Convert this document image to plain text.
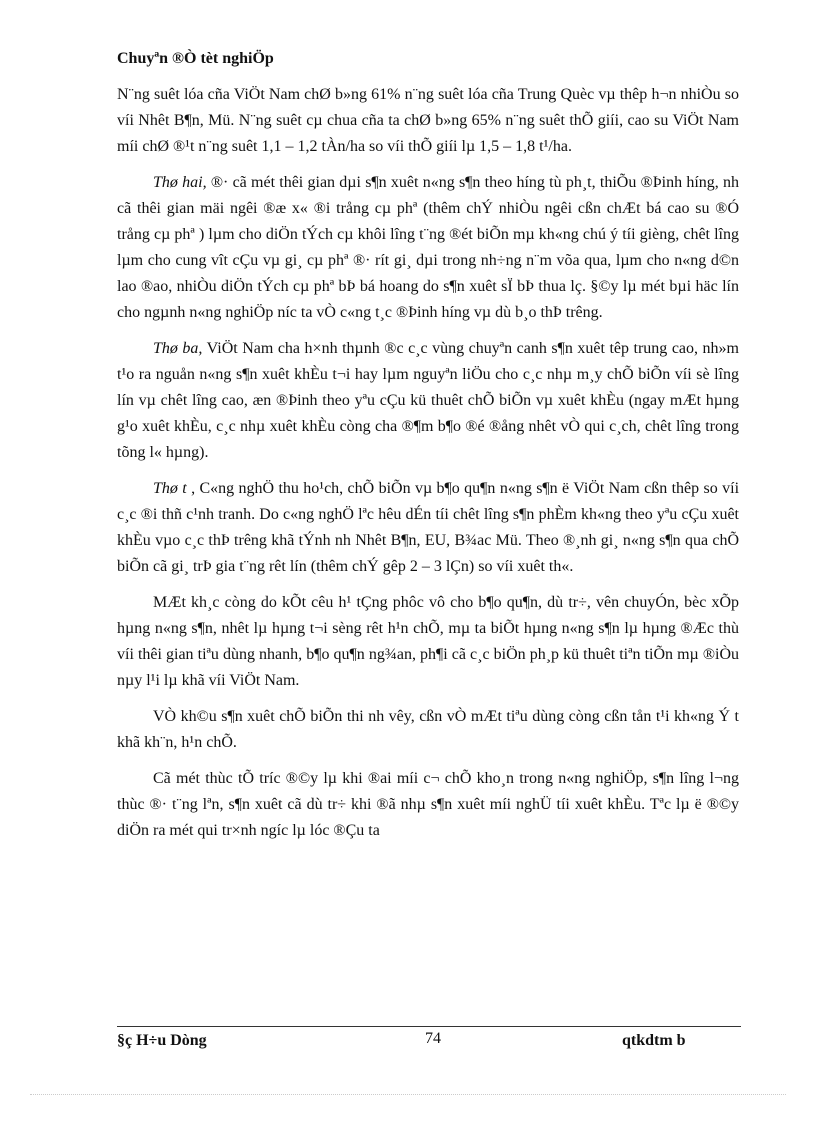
Chuyªn ®Ò tèt nghiÖp

N¨ng suêt lóa cña ViÖt Nam chØ b»ng 61% n¨ng suêt lóa cña Trung Quèc vµ thêp h¬n nhiÒu so víi Nhêt B¶n, Mü. N¨ng suêt cµ chua cña ta chØ b»ng 65% n¨ng suêt thÕ giíi, cao su ViÖt Nam míi chØ ®¹t n¨ng suêt 1,1 – 1,2 tÀn/ha so víi thÕ giíi lµ 1,5 – 1,8 t¹/ha.

Thø hai, ®· cã mét thêi gian dµi s¶n xuêt n«ng s¶n theo híng tù ph¸t, thiÕu ®Þinh híng, nh cã thêi gian mäi ngêi ®æ x« ®i trång cµ phª (thêm chÝ nhiÒu ngêi cßn chÆt bá cao su ®Ó trång cµ phª ) lµm cho diÖn tÝch cµ khôi lîng t¨ng ®ét biÕn mµ kh«ng chú ý tíi gièng, chêt lîng lµm cho cung vît cÇu vµ gi¸ cµ phª ®· rít gi¸ dµi trong nh÷ng n¨m võa qua, lµm cho n«ng d©n lao ®ao, nhiÒu diÖn tÝch cµ phª bÞ bá hoang do s¶n xuêt sÏ bÞ thua lç. §©y lµ mét bµi häc lín cho ngµnh n«ng nghiÖp níc ta vÒ c«ng t¸c ®Þinh híng vµ dù b¸o thÞ trêng.

Thø ba, ViÖt Nam cha h×nh thµnh ®c c¸c vùng chuyªn canh s¶n xuêt têp trung cao, nh»m t¹o ra nguån n«ng s¶n xuêt khÈu t¬i hay lµm nguyªn liÖu cho c¸c nhµ m¸y chÕ biÕn víi sè lîng lín vµ chêt lîng cao, æn ®Þinh theo yªu cÇu kü thuêt chÕ biÕn vµ xuêt khÈu (ngay mÆt hµng g¹o xuêt khÈu, c¸c nhµ xuêt khÈu còng cha ®¶m b¶o ®é ®ång nhêt vÒ qui c¸ch, chêt lîng trong tõng l« hµng).

Thø t , C«ng nghÖ thu ho¹ch, chÕ biÕn vµ b¶o qu¶n n«ng s¶n ë ViÖt Nam cßn thêp so víi c¸c ®i thñ c¹nh tranh. Do c«ng nghÖ lªc hêu dÉn tíi chêt lîng s¶n phÈm kh«ng theo yªu cÇu xuêt khÈu vµo c¸c thÞ trêng khã tÝnh nh Nhêt B¶n, EU, B¾ac Mü. Theo ®¸nh gi¸ n«ng s¶n qua chÕ biÕn cã gi¸ trÞ gia t¨ng rêt lín (thêm chÝ gêp 2 – 3 lÇn) so víi xuêt th«.

MÆt kh¸c còng do kÕt cêu h¹ tÇng phôc vô cho b¶o qu¶n, dù tr÷, vên chuyÓn, bèc xÕp hµng n«ng s¶n, nhêt lµ hµng t¬i sèng rêt h¹n chÕ, mµ ta biÕt hµng n«ng s¶n lµ hµng ®Æc thù víi thêi gian tiªu dùng nhanh, b¶o qu¶n ng¾an, ph¶i cã c¸c biÖn ph¸p kü thuêt tiªn tiÕn mµ ®iÒu nµy l¹i lµ khã víi ViÖt Nam.

VÒ kh©u s¶n xuêt chÕ biÕn thi nh vêy, cßn vÒ mÆt tiªu dùng còng cßn tån t¹i kh«ng Ý t khã kh¨n, h¹n chÕ.

Cã mét thùc tÕ tríc ®©y lµ khi ®ai míi c¬ chÕ kho¸n trong n«ng nghiÖp, s¶n lîng l¬ng thùc ®· t¨ng lªn, s¶n xuêt cã dù tr÷ khi ®ã nhµ s¶n xuêt míi nghÜ tíi xuêt khÈu. Tªc lµ ë ®©y diÖn ra mét qui tr×nh ngíc lµ lóc ®Çu ta

§ç H÷u Dòng	74	qtkdtm b
